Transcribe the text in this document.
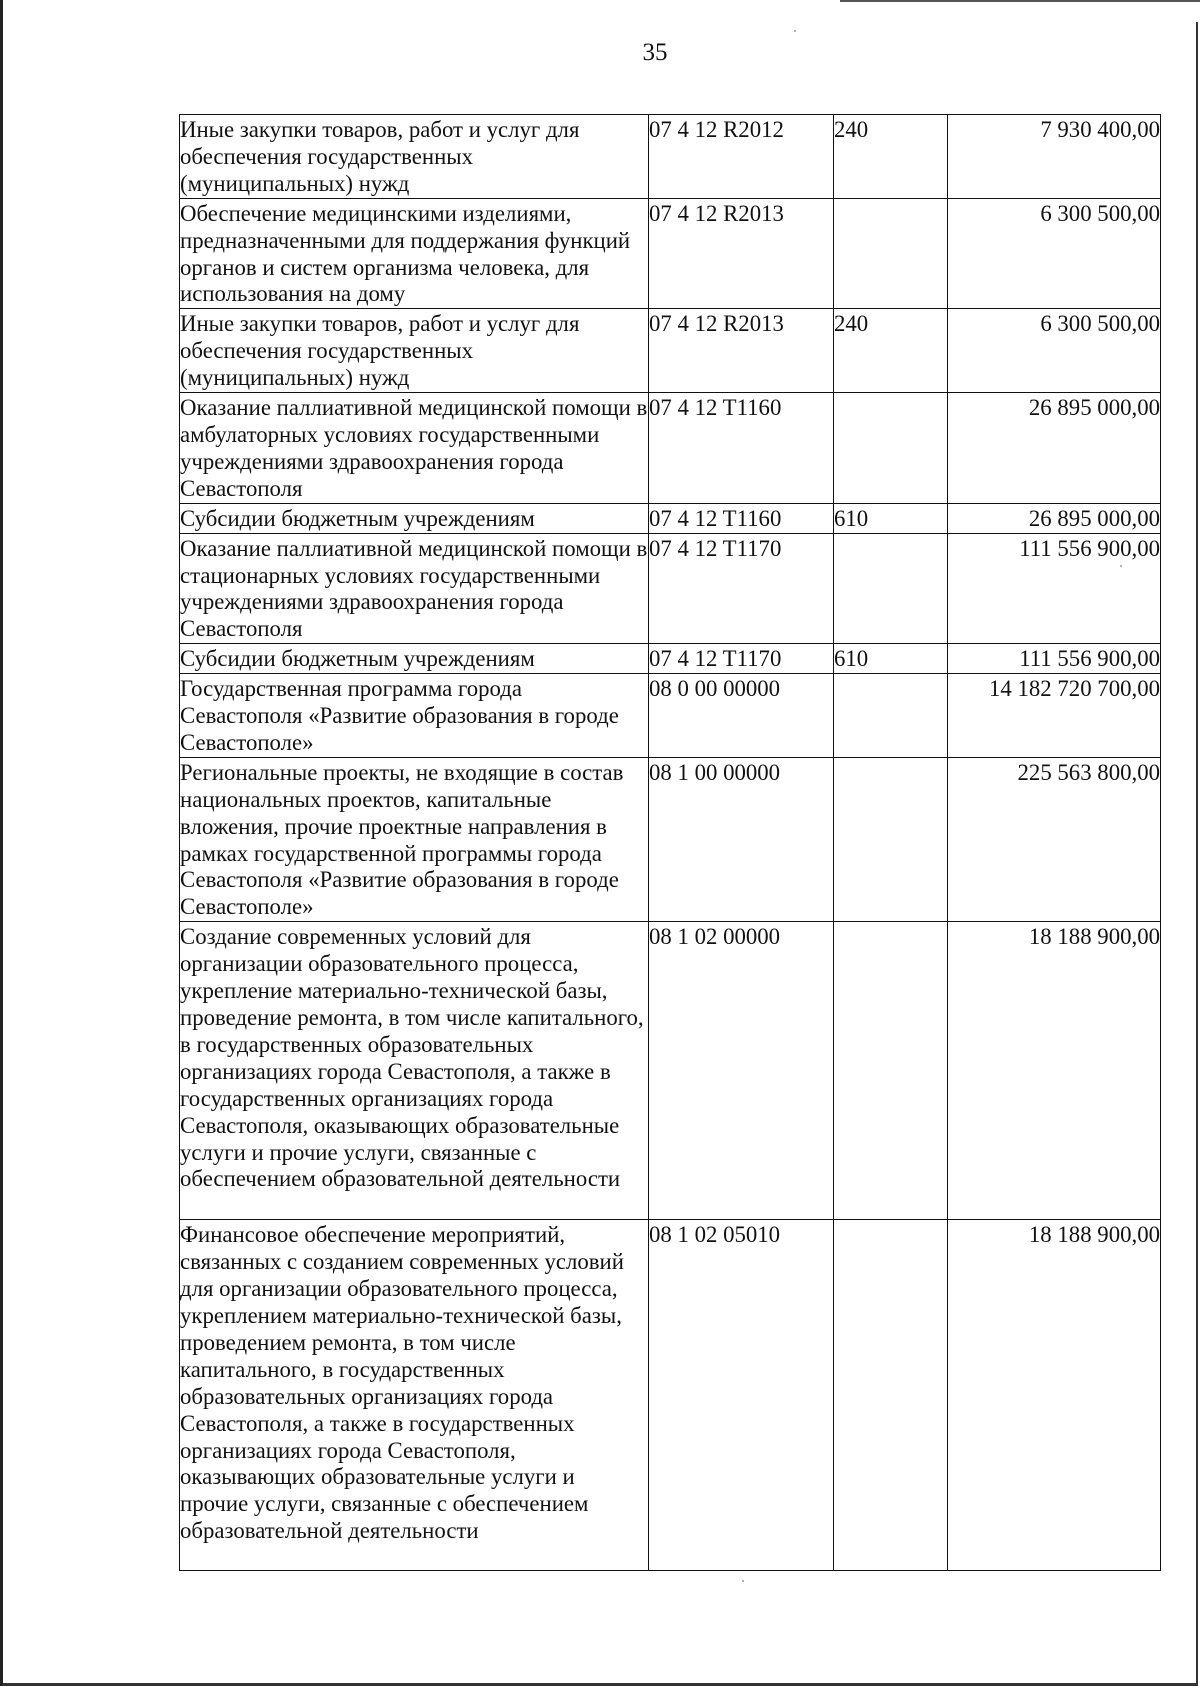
35
Иные закупки товаров, работ и услуг для обеспечения государственных (муниципальных) нужд	07 4 12 R2012	240	7 930 400,00
Обеспечение медицинскими изделиями, предназначенными для поддержания функций органов и систем организма человека, для использования на дому	07 4 12 R2013		6 300 500,00
Иные закупки товаров, работ и услуг для обеспечения государственных (муниципальных) нужд	07 4 12 R2013	240	6 300 500,00
Оказание паллиативной медицинской помощи в амбулаторных условиях государственными учреждениями здравоохранения города Севастополя	07 4 12 T1160		26 895 000,00
Субсидии бюджетным учреждениям	07 4 12 T1160	610	26 895 000,00
Оказание паллиативной медицинской помощи в стационарных условиях государственными учреждениями здравоохранения города Севастополя	07 4 12 T1170		111 556 900,00
Субсидии бюджетным учреждениям	07 4 12 T1170	610	111 556 900,00
Государственная программа города Севастополя «Развитие образования в городе Севастополе»	08 0 00 00000		14 182 720 700,00
Региональные проекты, не входящие в состав национальных проектов, капитальные вложения, прочие проектные направления в рамках государственной программы города Севастополя «Развитие образования в городе Севастополе»	08 1 00 00000		225 563 800,00
Создание современных условий для организации образовательного процесса, укрепление материально-технической базы, проведение ремонта, в том числе капитального, в государственных образовательных организациях города Севастополя, а также в государственных организациях города Севастополя, оказывающих образовательные услуги и прочие услуги, связанные с обеспечением образовательной деятельности	08 1 02 00000		18 188 900,00
Финансовое обеспечение мероприятий, связанных с созданием современных условий для организации образовательного процесса, укреплением материально-технической базы, проведением ремонта, в том числе капитального, в государственных образовательных организациях города Севастополя, а также в государственных организациях города Севастополя, оказывающих образовательные услуги и прочие услуги, связанные с обеспечением образовательной деятельности	08 1 02 05010		18 188 900,00
